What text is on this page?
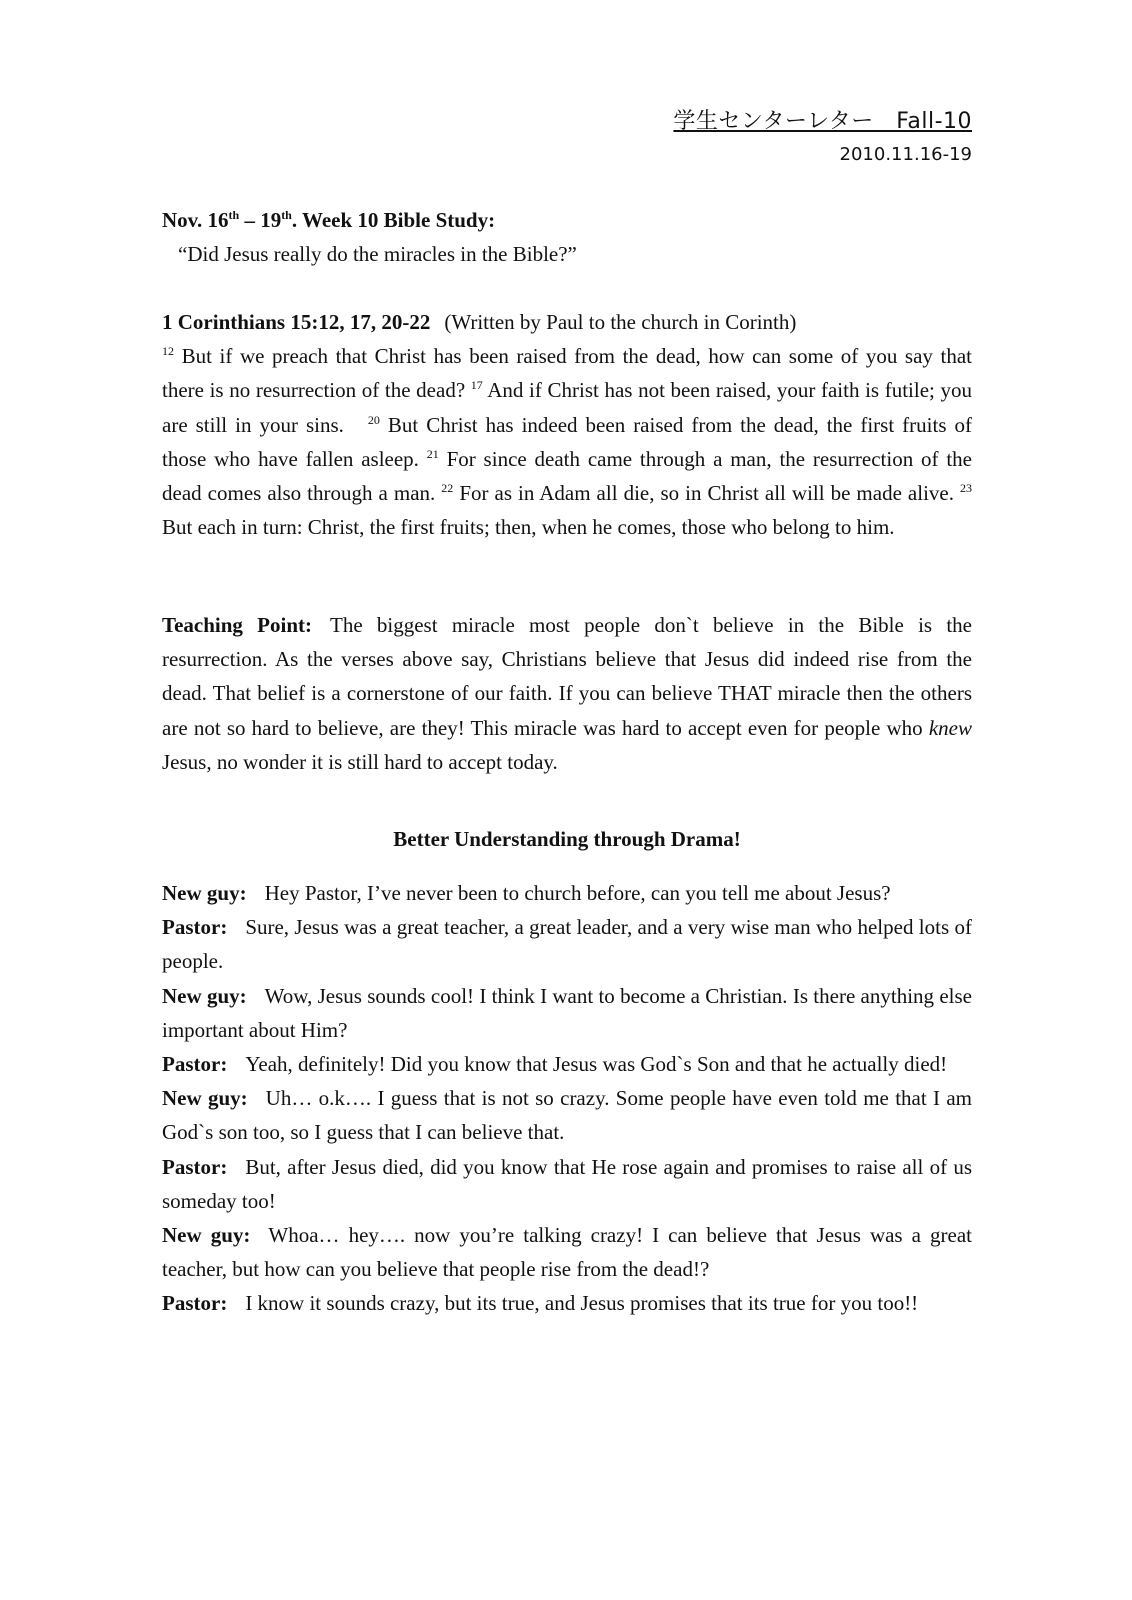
学生センターレター　Fall-10
2010.11.16-19
Nov. 16th – 19th. Week 10 Bible Study:
“Did Jesus really do the miracles in the Bible?”
1 Corinthians 15:12, 17, 20-22 (Written by Paul to the church in Corinth)
$^{12}$ But if we preach that Christ has been raised from the dead, how can some of you say that there is no resurrection of the dead? $^{17}$ And if Christ has not been raised, your faith is futile; you are still in your sins. $^{20}$ But Christ has indeed been raised from the dead, the first fruits of those who have fallen asleep. $^{21}$ For since death came through a man, the resurrection of the dead comes also through a man. $^{22}$ For as in Adam all die, so in Christ all will be made alive. $^{23}$ But each in turn: Christ, the first fruits; then, when he comes, those who belong to him.
Teaching Point: The biggest miracle most people don`t believe in the Bible is the resurrection. As the verses above say, Christians believe that Jesus did indeed rise from the dead. That belief is a cornerstone of our faith. If you can believe THAT miracle then the others are not so hard to believe, are they! This miracle was hard to accept even for people who knew Jesus, no wonder it is still hard to accept today.
Better Understanding through Drama!
New guy: Hey Pastor, I’ve never been to church before, can you tell me about Jesus?
Pastor: Sure, Jesus was a great teacher, a great leader, and a very wise man who helped lots of people.
New guy: Wow, Jesus sounds cool! I think I want to become a Christian. Is there anything else important about Him?
Pastor: Yeah, definitely! Did you know that Jesus was God`s Son and that he actually died!
New guy: Uh… o.k…. I guess that is not so crazy. Some people have even told me that I am God`s son too, so I guess that I can believe that.
Pastor: But, after Jesus died, did you know that He rose again and promises to raise all of us someday too!
New guy: Whoa… hey…. now you’re talking crazy! I can believe that Jesus was a great teacher, but how can you believe that people rise from the dead!?
Pastor: I know it sounds crazy, but its true, and Jesus promises that its true for you too!!
